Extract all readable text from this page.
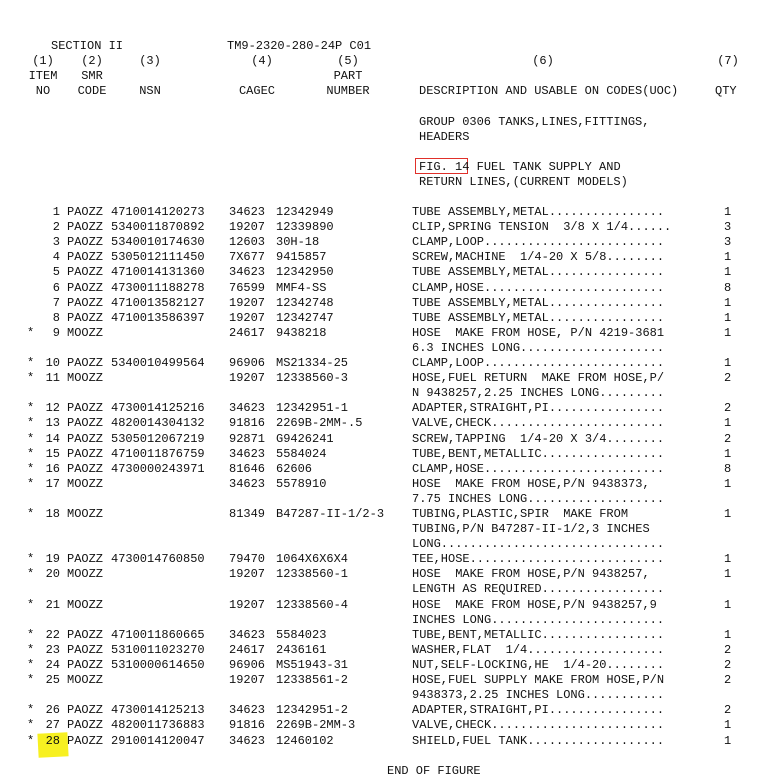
SECTION II	TM9-2320-280-24P C01
(1)	(2)	(3)	(4)	(5)	(6)	(7)
ITEM	SMR	PART
NO	CODE	NSN	CAGEC	NUMBER	DESCRIPTION AND USABLE ON CODES(UOC)	QTY
GROUP 0306 TANKS,LINES,FITTINGS,
HEADERS
FIG. 14 FUEL TANK SUPPLY AND
RETURN LINES,(CURRENT MODELS)
1 PAOZZ 4710014120273 34623 12342949	1
TUBE ASSEMBLY,METAL................
2 PAOZZ 5340011870892 19207 12339890	3
CLIP,SPRING TENSION  3/8 X 1/4......
3 PAOZZ 5340010174630 12603 30H-18	3
CLAMP,LOOP.........................
4 PAOZZ 5305012111450 7X677 9415857	1
SCREW,MACHINE  1/4-20 X 5/8........
5 PAOZZ 4710014131360 34623 12342950	1
TUBE ASSEMBLY,METAL................
6 PAOZZ 4730011188278 76599 MMF4-SS	8
CLAMP,HOSE.........................
7 PAOZZ 4710013582127 19207 12342748	1
TUBE ASSEMBLY,METAL................
8 PAOZZ 4710013586397 19207 12342747	1
TUBE ASSEMBLY,METAL................
*	9 MOOZZ	24617 9438218	1
HOSE  MAKE FROM HOSE, P/N 4219-3681
6.3 INCHES LONG....................
* 10 PAOZZ 5340010499564 96906 MS21334-25	1
CLAMP,LOOP.........................
* 11 MOOZZ	19207 12338560-3	2
HOSE,FUEL RETURN  MAKE FROM HOSE,P/
N 9438257,2.25 INCHES LONG.........
* 12 PAOZZ 4730014125216 34623 12342951-1	2
ADAPTER,STRAIGHT,PI................
* 13 PAOZZ 4820014304132 91816 2269B-2MM-.5	1
VALVE,CHECK........................
* 14 PAOZZ 5305012067219 92871 G9426241	2
SCREW,TAPPING  1/4-20 X 3/4........
* 15 PAOZZ 4710011876759 34623 5584024	1
TUBE,BENT,METALLIC.................
* 16 PAOZZ 4730000243971 81646 62606	8
CLAMP,HOSE.........................
* 17 MOOZZ	34623 5578910	1
HOSE  MAKE FROM HOSE,P/N 9438373,
7.75 INCHES LONG...................
* 18 MOOZZ	81349 B47287-II-1/2-3	1
TUBING,PLASTIC,SPIR  MAKE FROM
TUBING,P/N B47287-II-1/2,3 INCHES
LONG...............................
* 19 PAOZZ 4730014760850 79470 1064X6X6X4	1
TEE,HOSE...........................
* 20 MOOZZ	19207 12338560-1	1
HOSE  MAKE FROM HOSE,P/N 9438257,
LENGTH AS REQUIRED.................
* 21 MOOZZ	19207 12338560-4	1
HOSE  MAKE FROM HOSE,P/N 9438257,9
INCHES LONG........................
* 22 PAOZZ 4710011860665 34623 5584023	1
TUBE,BENT,METALLIC.................
* 23 PAOZZ 5310011023270 24617 2436161	2
WASHER,FLAT  1/4...................
* 24 PAOZZ 5310000614650 96906 MS51943-31	2
NUT,SELF-LOCKING,HE  1/4-20........
* 25 MOOZZ	19207 12338561-2	2
HOSE,FUEL SUPPLY MAKE FROM HOSE,P/N
9438373,2.25 INCHES LONG...........
* 26 PAOZZ 4730014125213 34623 12342951-2	2
ADAPTER,STRAIGHT,PI................
* 27 PAOZZ 4820011736883 91816 2269B-2MM-3	1
VALVE,CHECK........................
* 28 PAOZZ 2910014120047 34623 12460102	1
SHIELD,FUEL TANK...................
END OF FIGURE
